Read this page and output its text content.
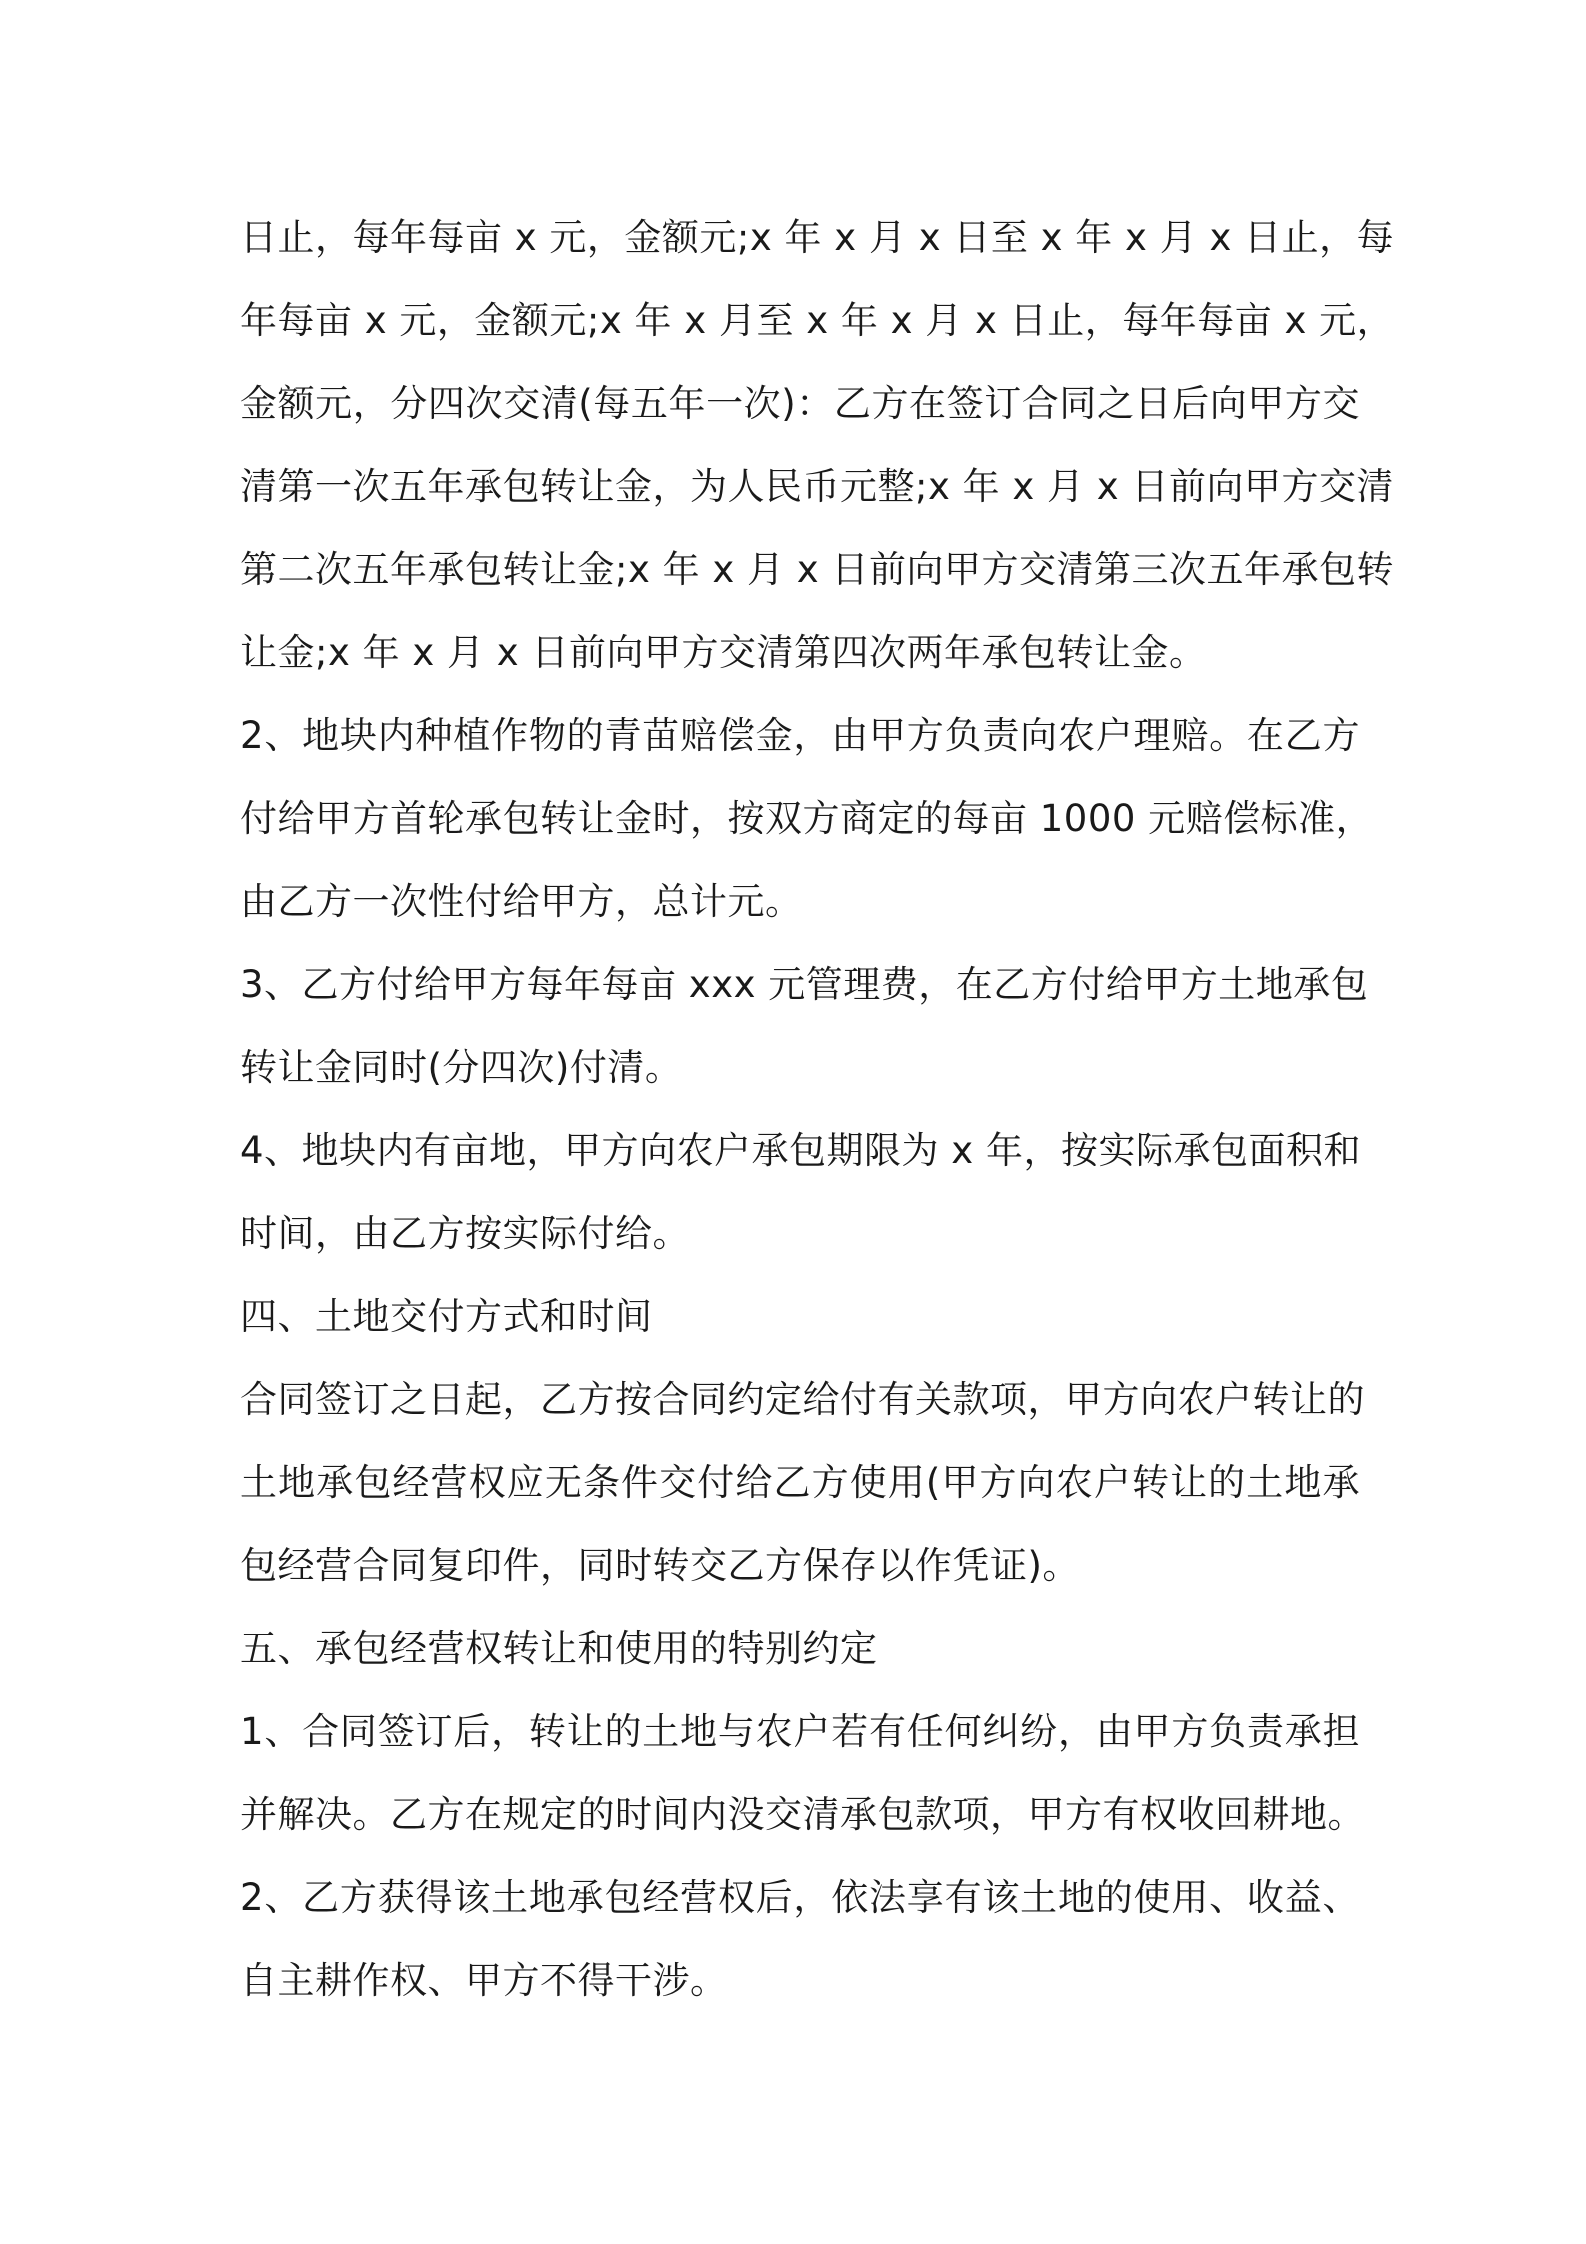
日止，每年每亩 x 元，金额元;x 年 x 月 x 日至 x 年 x 月 x 日止，每
年每亩 x 元，金额元;x 年 x 月至 x 年 x 月 x 日止，每年每亩 x 元，
金额元，分四次交清(每五年一次)：乙方在签订合同之日后向甲方交
清第一次五年承包转让金，为人民币元整;x 年 x 月 x 日前向甲方交清
第二次五年承包转让金;x 年 x 月 x 日前向甲方交清第三次五年承包转
让金;x 年 x 月 x 日前向甲方交清第四次两年承包转让金。
2、地块内种植作物的青苗赔偿金，由甲方负责向农户理赔。在乙方
付给甲方首轮承包转让金时，按双方商定的每亩 1000 元赔偿标准，
由乙方一次性付给甲方，总计元。
3、乙方付给甲方每年每亩 xxx 元管理费，在乙方付给甲方土地承包
转让金同时(分四次)付清。
4、地块内有亩地，甲方向农户承包期限为 x 年，按实际承包面积和
时间，由乙方按实际付给。
四、土地交付方式和时间
合同签订之日起，乙方按合同约定给付有关款项，甲方向农户转让的
土地承包经营权应无条件交付给乙方使用(甲方向农户转让的土地承
包经营合同复印件，同时转交乙方保存以作凭证)。
五、承包经营权转让和使用的特别约定
1、合同签订后，转让的土地与农户若有任何纠纷，由甲方负责承担
并解决。乙方在规定的时间内没交清承包款项，甲方有权收回耕地。
2、乙方获得该土地承包经营权后，依法享有该土地的使用、收益、
自主耕作权、甲方不得干涉。
